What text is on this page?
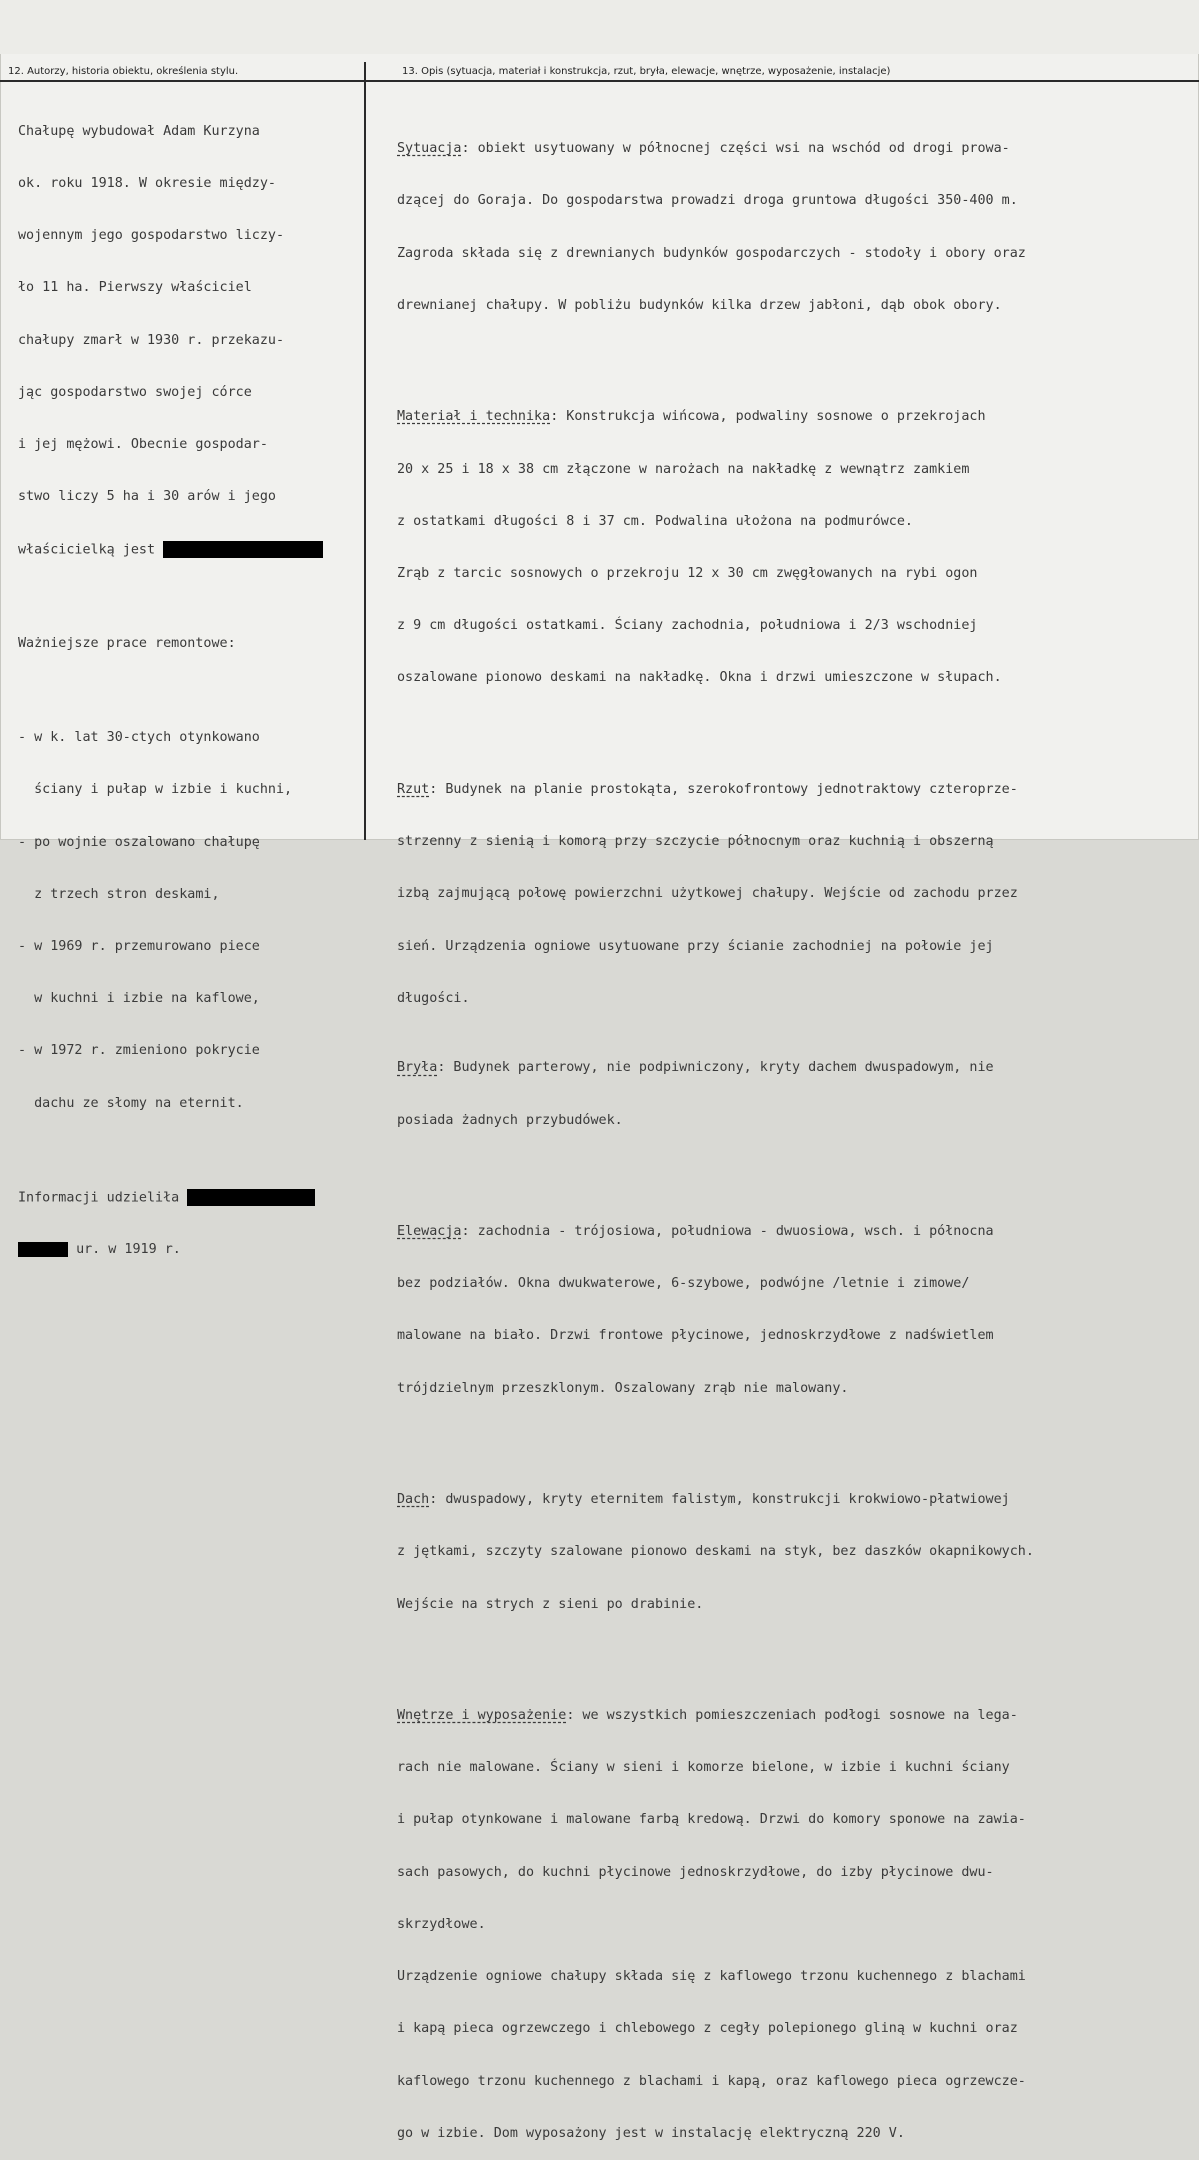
12. Autorzy, historia obiektu, określenia stylu.

Chałupę wybudował Adam Kurzyna

ok. roku 1918. W okresie między-

wojennym jego gospodarstwo liczy-

ło 11 ha. Pierwszy właściciel

chałupy zmarł w 1930 r. przekazu-

jąc gospodarstwo swojej córce

i jej mężowi. Obecnie gospodar-

stwo liczy 5 ha i 30 arów i jego

właścicielką jest

Ważniejsze prace remontowe:

- w k. lat 30-ctych otynkowano

ściany i pułap w izbie i kuchni,

- po wojnie oszalowano chałupę

z trzech stron deskami,

- w 1969 r. przemurowano piece

w kuchni i izbie na kaflowe,

- w 1972 r. zmieniono pokrycie

dachu ze słomy na eternit.

Informacji udzieliła

ur. w 1919 r.

13. Opis (sytuacja, materiał i konstrukcja, rzut, bryła, elewacje, wnętrze, wyposażenie, instalacje)

Sytuacja: obiekt usytuowany w północnej części wsi na wschód od drogi prowa-

dzącej do Goraja. Do gospodarstwa prowadzi droga gruntowa długości 350-400 m.

Zagroda składa się z drewnianych budynków gospodarczych - stodoły i obory oraz

drewnianej chałupy. W pobliżu budynków kilka drzew jabłoni, dąb obok obory.

Materiał i technika: Konstrukcja wińcowa, podwaliny sosnowe o przekrojach

20 x 25 i 18 x 38 cm złączone w narożach na nakładkę z wewnątrz zamkiem

z ostatkami długości 8 i 37 cm. Podwalina ułożona na podmurówce.

Zrąb z tarcic sosnowych o przekroju 12 x 30 cm zwęgłowanych na rybi ogon

z 9 cm długości ostatkami. Ściany zachodnia, południowa i 2/3 wschodniej

oszalowane pionowo deskami na nakładkę. Okna i drzwi umieszczone w słupach.

Rzut: Budynek na planie prostokąta, szerokofrontowy jednotraktowy czteroprze-

strzenny z sienią i komorą przy szczycie północnym oraz kuchnią i obszerną

izbą zajmującą połowę powierzchni użytkowej chałupy. Wejście od zachodu przez

sień. Urządzenia ogniowe usytuowane przy ścianie zachodniej na połowie jej

długości.

Bryła: Budynek parterowy, nie podpiwniczony, kryty dachem dwuspadowym, nie

posiada żadnych przybudówek.

Elewacja: zachodnia - trójosiowa, południowa - dwuosiowa, wsch. i północna

bez podziałów. Okna dwukwaterowe, 6-szybowe, podwójne /letnie i zimowe/

malowane na biało. Drzwi frontowe płycinowe, jednoskrzydłowe z nadświetlem

trójdzielnym przeszklonym. Oszalowany zrąb nie malowany.

Dach: dwuspadowy, kryty eternitem falistym, konstrukcji krokwiowo-płatwiowej

z jętkami, szczyty szalowane pionowo deskami na styk, bez daszków okapnikowych.

Wejście na strych z sieni po drabinie.

Wnętrze i wyposażenie: we wszystkich pomieszczeniach podłogi sosnowe na lega-

rach nie malowane. Ściany w sieni i komorze bielone, w izbie i kuchni ściany

i pułap otynkowane i malowane farbą kredową. Drzwi do komory sponowe na zawia-

sach pasowych, do kuchni płycinowe jednoskrzydłowe, do izby płycinowe dwu-

skrzydłowe.

Urządzenie ogniowe chałupy składa się z kaflowego trzonu kuchennego z blachami

i kapą pieca ogrzewczego i chlebowego z cegły polepionego gliną w kuchni oraz

kaflowego trzonu kuchennego z blachami i kapą, oraz kaflowego pieca ogrzewcze-

go w izbie. Dom wyposażony jest w instalację elektryczną 220 V.
